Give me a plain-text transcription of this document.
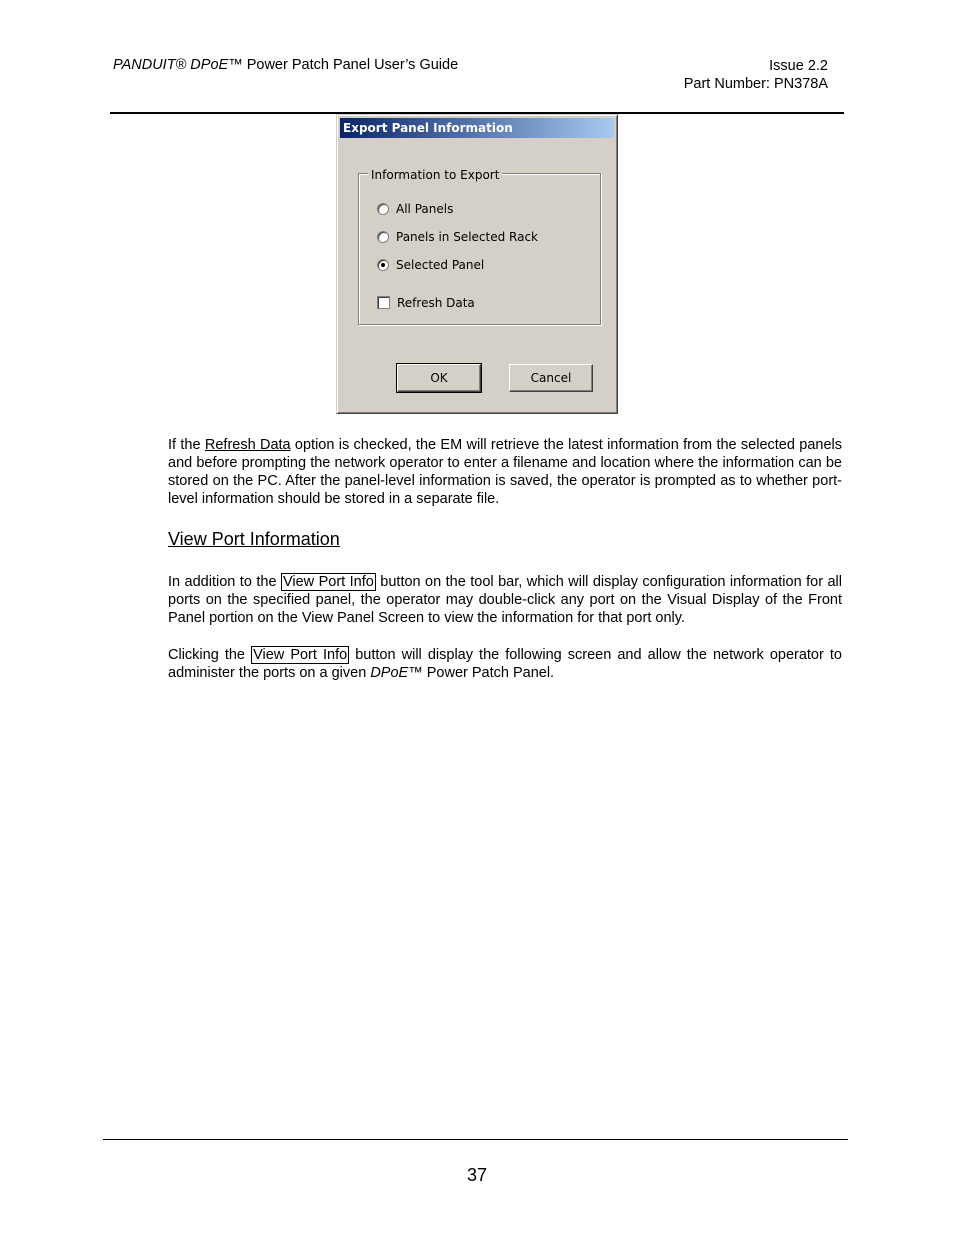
PANDUIT® DPoE™ Power Patch Panel User’s Guide	Issue 2.2
Part Number: PN378A
Export Panel Information
Information to Export
All Panels
Panels in Selected Rack
Selected Panel
Refresh Data
OK	Cancel
If the Refresh Data option is checked, the EM will retrieve the latest information from the selected panels and before prompting the network operator to enter a filename and location where the information can be stored on the PC. After the panel-level information is saved, the operator is prompted as to whether port-level information should be stored in a separate file.
View Port Information
In addition to the View Port Info button on the tool bar, which will display configuration information for all ports on the specified panel, the operator may double-click any port on the Visual Display of the Front Panel portion on the View Panel Screen to view the information for that port only.
Clicking the View Port Info button will display the following screen and allow the network operator to administer the ports on a given DPoE™ Power Patch Panel.
37
